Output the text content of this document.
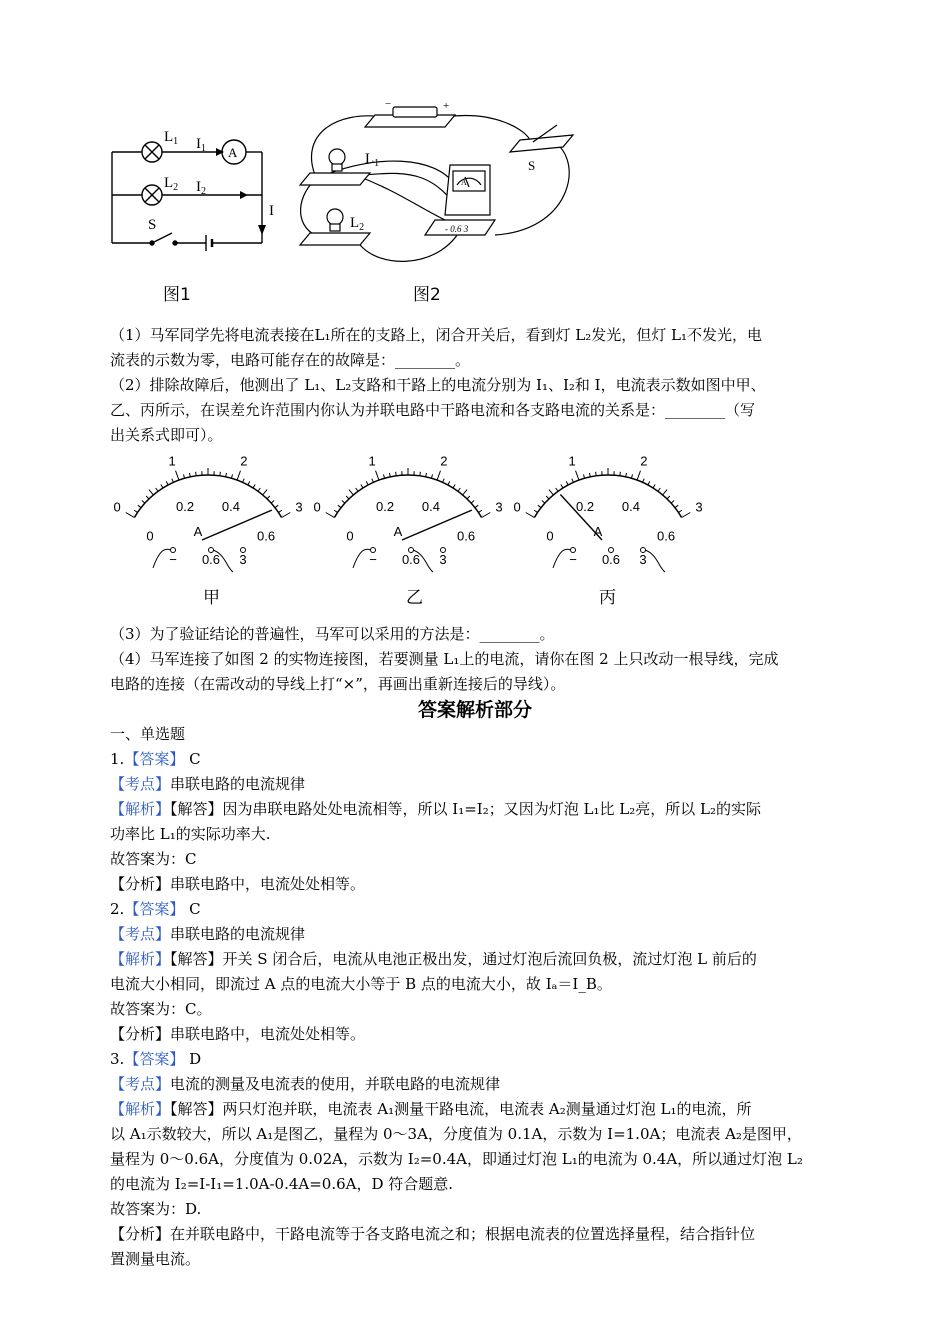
$L_1$ $I_1$ A
$L_2$ $I_2$
I
S
图1
$L_1$
$L_2$
S
A
- 0.6 3
−	+
图2
（1）马军同学先将电流表接在L₁所在的支路上，闭合开关后，看到灯 L₂发光，但灯 L₁不发光，电
流表的示数为零，电路可能存在的故障是：________。
（2）排除故障后，他测出了 L₁、L₂支路和干路上的电流分别为 I₁、I₂和 I，电流表示数如图中甲、
乙、丙所示，在误差允许范围内你认为并联电路中干路电流和各支路电流的关系是：________（写
出关系式即可）。
0
1	2
3
0
0.2 0.4
0.6
A
− 0.6 3
0
1	2
3
0
0.2 0.4
0.6
A
− 0.6 3
0
1	2
3
0
0.2 0.4
0.6
A
− 0.6 3
甲	乙	丙
（3）为了验证结论的普遍性，马军可以采用的方法是：________。
（4）马军连接了如图 2 的实物连接图，若要测量 L₁上的电流，请你在图 2 上只改动一根导线，完成
电路的连接（在需改动的导线上打“×”，再画出重新连接后的导线）。
答案解析部分
一、单选题
1.【答案】 C
【考点】串联电路的电流规律
【解析】【解答】因为串联电路处处电流相等，所以 I₁=I₂；又因为灯泡 L₁比 L₂亮，所以 L₂的实际
功率比 L₁的实际功率大.
故答案为：C
【分析】串联电路中，电流处处相等。
2.【答案】 C
【考点】串联电路的电流规律
【解析】【解答】开关 S 闭合后，电流从电池正极出发，通过灯泡后流回负极，流过灯泡 L 前后的
电流大小相同，即流过 A 点的电流大小等于 B 点的电流大小，故 Iₐ＝I_B。
故答案为：C。
【分析】串联电路中，电流处处相等。
3.【答案】 D
【考点】电流的测量及电流表的使用，并联电路的电流规律
【解析】【解答】两只灯泡并联，电流表 A₁测量干路电流，电流表 A₂测量通过灯泡 L₁的电流，所
以 A₁示数较大，所以 A₁是图乙，量程为 0～3A，分度值为 0.1A，示数为 I=1.0A；电流表 A₂是图甲，
量程为 0～0.6A，分度值为 0.02A，示数为 I₂=0.4A，即通过灯泡 L₁的电流为 0.4A，所以通过灯泡 L₂
的电流为 I₂=I-I₁=1.0A-0.4A=0.6A，D 符合题意.
故答案为：D.
【分析】在并联电路中，干路电流等于各支路电流之和；根据电流表的位置选择量程，结合指针位
置测量电流。
